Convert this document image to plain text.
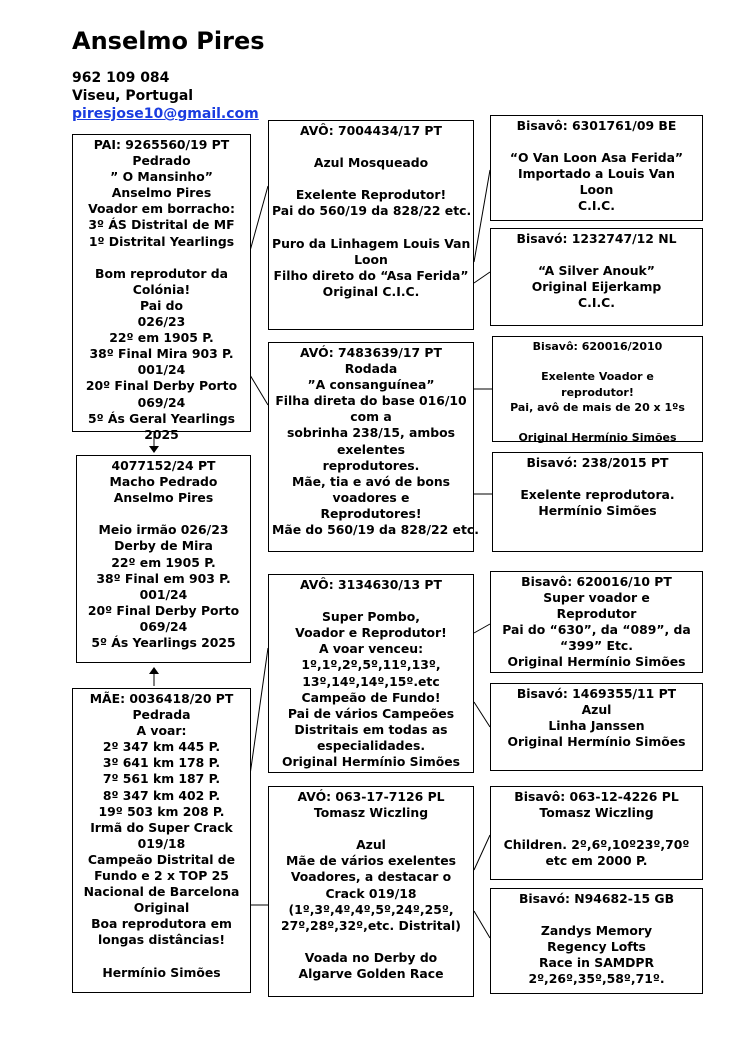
Anselmo Pires
962 109 084
Viseu, Portugal
piresjose10@gmail.com
PAI: 9265560/19 PT
Pedrado
” O Mansinho”
Anselmo Pires
Voador em borracho:
3º ÁS Distrital de MF
1º Distrital Yearlings
Bom reprodutor da
Colónia!
Pai do
026/23
22º em 1905 P.
38º Final Mira 903 P.
001/24
20º Final Derby Porto
069/24
5º Ás Geral Yearlings
2025
4077152/24 PT
Macho Pedrado
Anselmo Pires
Meio irmão 026/23
Derby de Mira
22º em 1905 P.
38º Final em 903 P.
001/24
20º Final Derby Porto
069/24
5º Ás Yearlings 2025
MÃE: 0036418/20 PT
Pedrada
A voar:
2º 347 km 445 P.
3º 641 km 178 P.
7º 561 km 187 P.
8º 347 km 402 P.
19º 503 km 208 P.
Irmã do Super Crack
019/18
Campeão Distrital de
Fundo e 2 x TOP 25
Nacional de Barcelona
Original
Boa reprodutora em
longas distâncias!
Hermínio Simões
AVÔ: 7004434/17 PT
Azul Mosqueado
Exelente Reprodutor!
Pai do 560/19 da 828/22 etc.
Puro da Linhagem Louis Van
Loon
Filho direto do “Asa Ferida”
Original C.I.C.
AVÓ: 7483639/17 PT
Rodada
”A consanguínea”
Filha direta do base 016/10
com a
sobrinha 238/15, ambos
exelentes
reprodutores.
Mãe, tia e avó de bons
voadores e
Reprodutores!
Mãe do 560/19 da 828/22 etc.
AVÔ: 3134630/13 PT
Super Pombo,
Voador e Reprodutor!
A voar venceu:
1º,1º,2º,5º,11º,13º,
13º,14º,14º,15º.etc
Campeão de Fundo!
Pai de vários Campeões
Distritais em todas as
especialidades.
Original Hermínio Simões
AVÓ: 063-17-7126 PL
Tomasz Wiczling
Azul
Mãe de vários exelentes
Voadores, a destacar o
Crack 019/18
(1º,3º,4º,4º,5º,24º,25º,
27º,28º,32º,etc. Distrital)
Voada no Derby do
Algarve Golden Race
Bisavô: 6301761/09 BE
“O Van Loon Asa Ferida”
Importado a Louis Van
Loon
C.I.C.
Bisavó: 1232747/12 NL
“A Silver Anouk”
Original Eijerkamp
C.I.C.
Bisavô: 620016/2010
Exelente Voador e
reprodutor!
Pai, avô de mais de 20 x 1ºs
Original Hermínio Simões
Bisavó: 238/2015 PT
Exelente reprodutora.
Hermínio Simões
Bisavô: 620016/10 PT
Super voador e
Reprodutor
Pai do “630”, da “089”, da
“399” Etc.
Original Hermínio Simões
Bisavó: 1469355/11 PT
Azul
Linha Janssen
Original Hermínio Simões
Bisavô: 063-12-4226 PL
Tomasz Wiczling
Children. 2º,6º,10º23º,70º
etc em 2000 P.
Bisavó: N94682-15 GB
Zandys Memory
Regency Lofts
Race in SAMDPR
2º,26º,35º,58º,71º.
